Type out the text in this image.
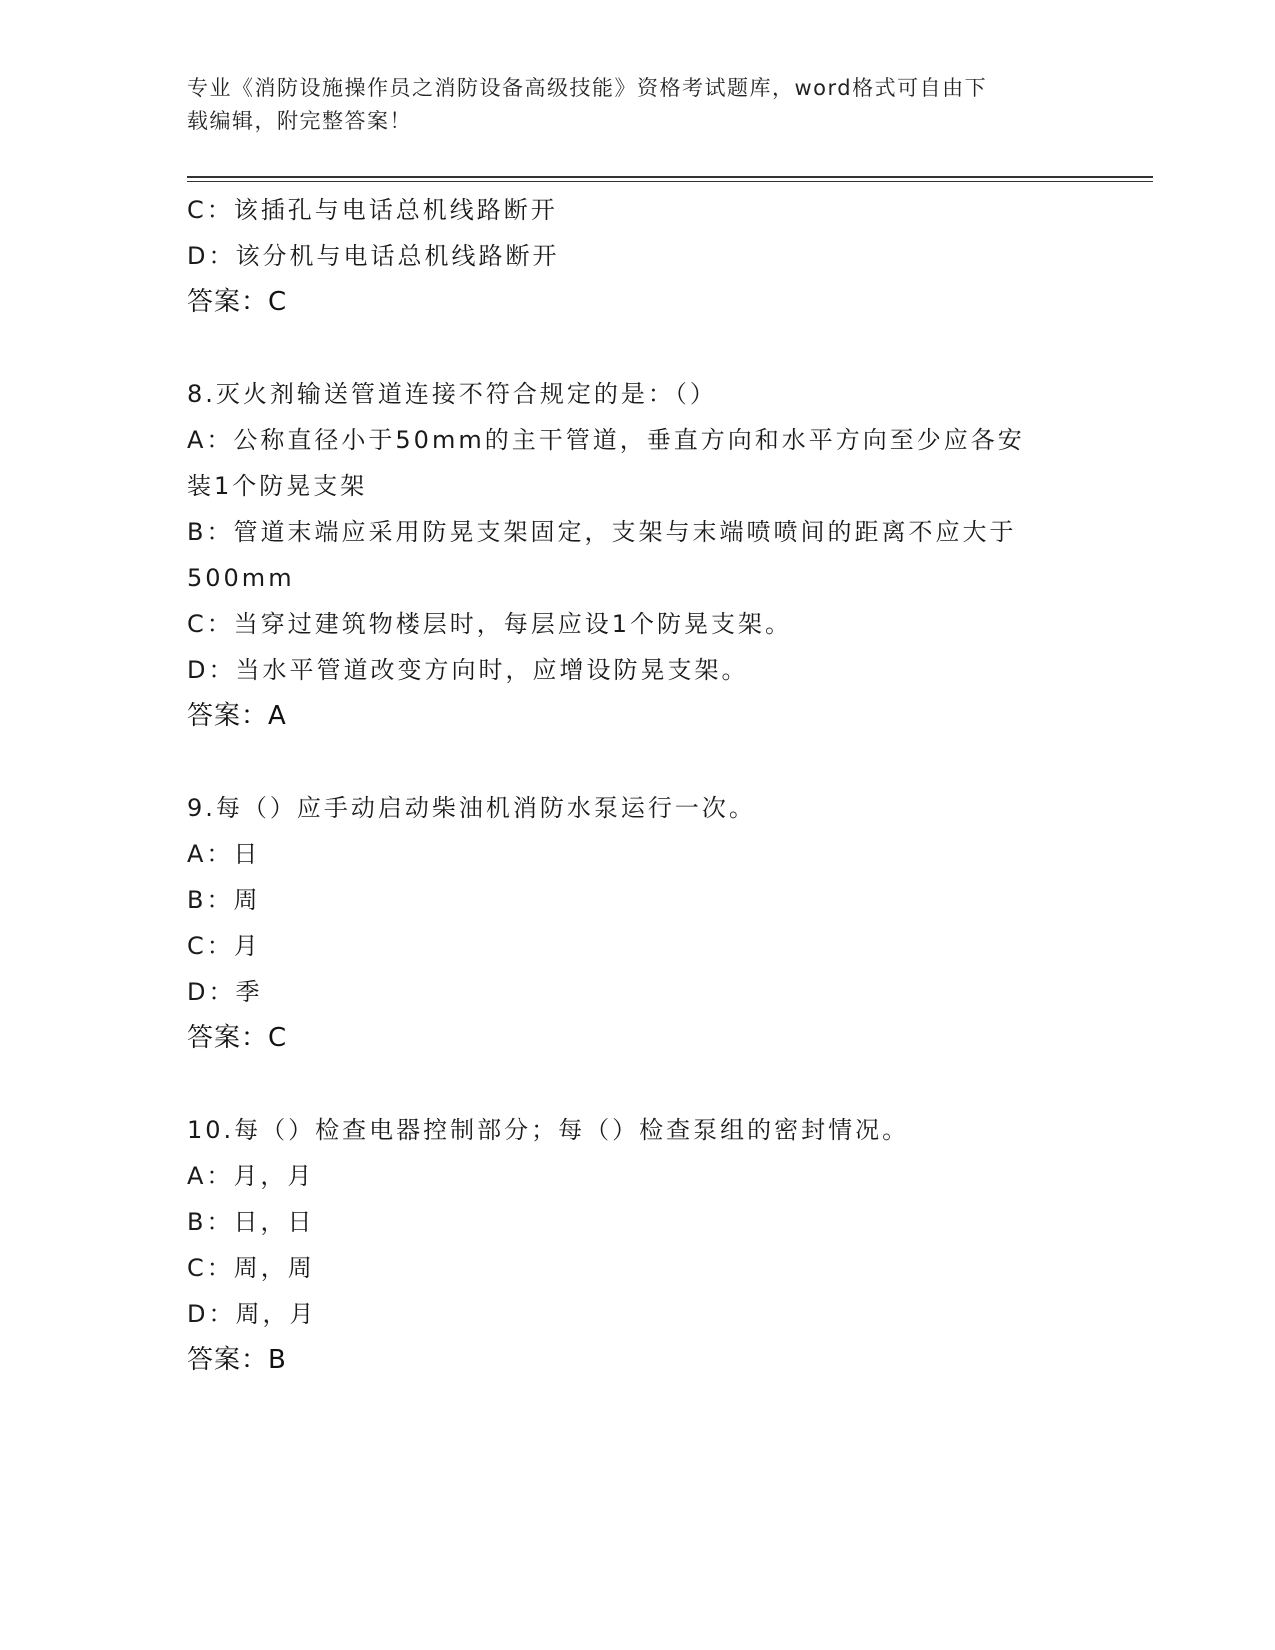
专业《消防设施操作员之消防设备高级技能》资格考试题库，word格式可自由下
载编辑，附完整答案！
C：该插孔与电话总机线路断开
D：该分机与电话总机线路断开
答案：C
8.灭火剂输送管道连接不符合规定的是：（）
A：公称直径小于50mm的主干管道，垂直方向和水平方向至少应各安
装1个防晃支架
B：管道末端应采用防晃支架固定，支架与末端喷喷间的距离不应大于
500mm
C：当穿过建筑物楼层时，每层应设1个防晃支架。
D：当水平管道改变方向时，应增设防晃支架。
答案：A
9.每（）应手动启动柴油机消防水泵运行一次。
A：日
B：周
C：月
D：季
答案：C
10.每（）检查电器控制部分；每（）检查泵组的密封情况。
A：月，月
B：日，日
C：周，周
D：周，月
答案：B
